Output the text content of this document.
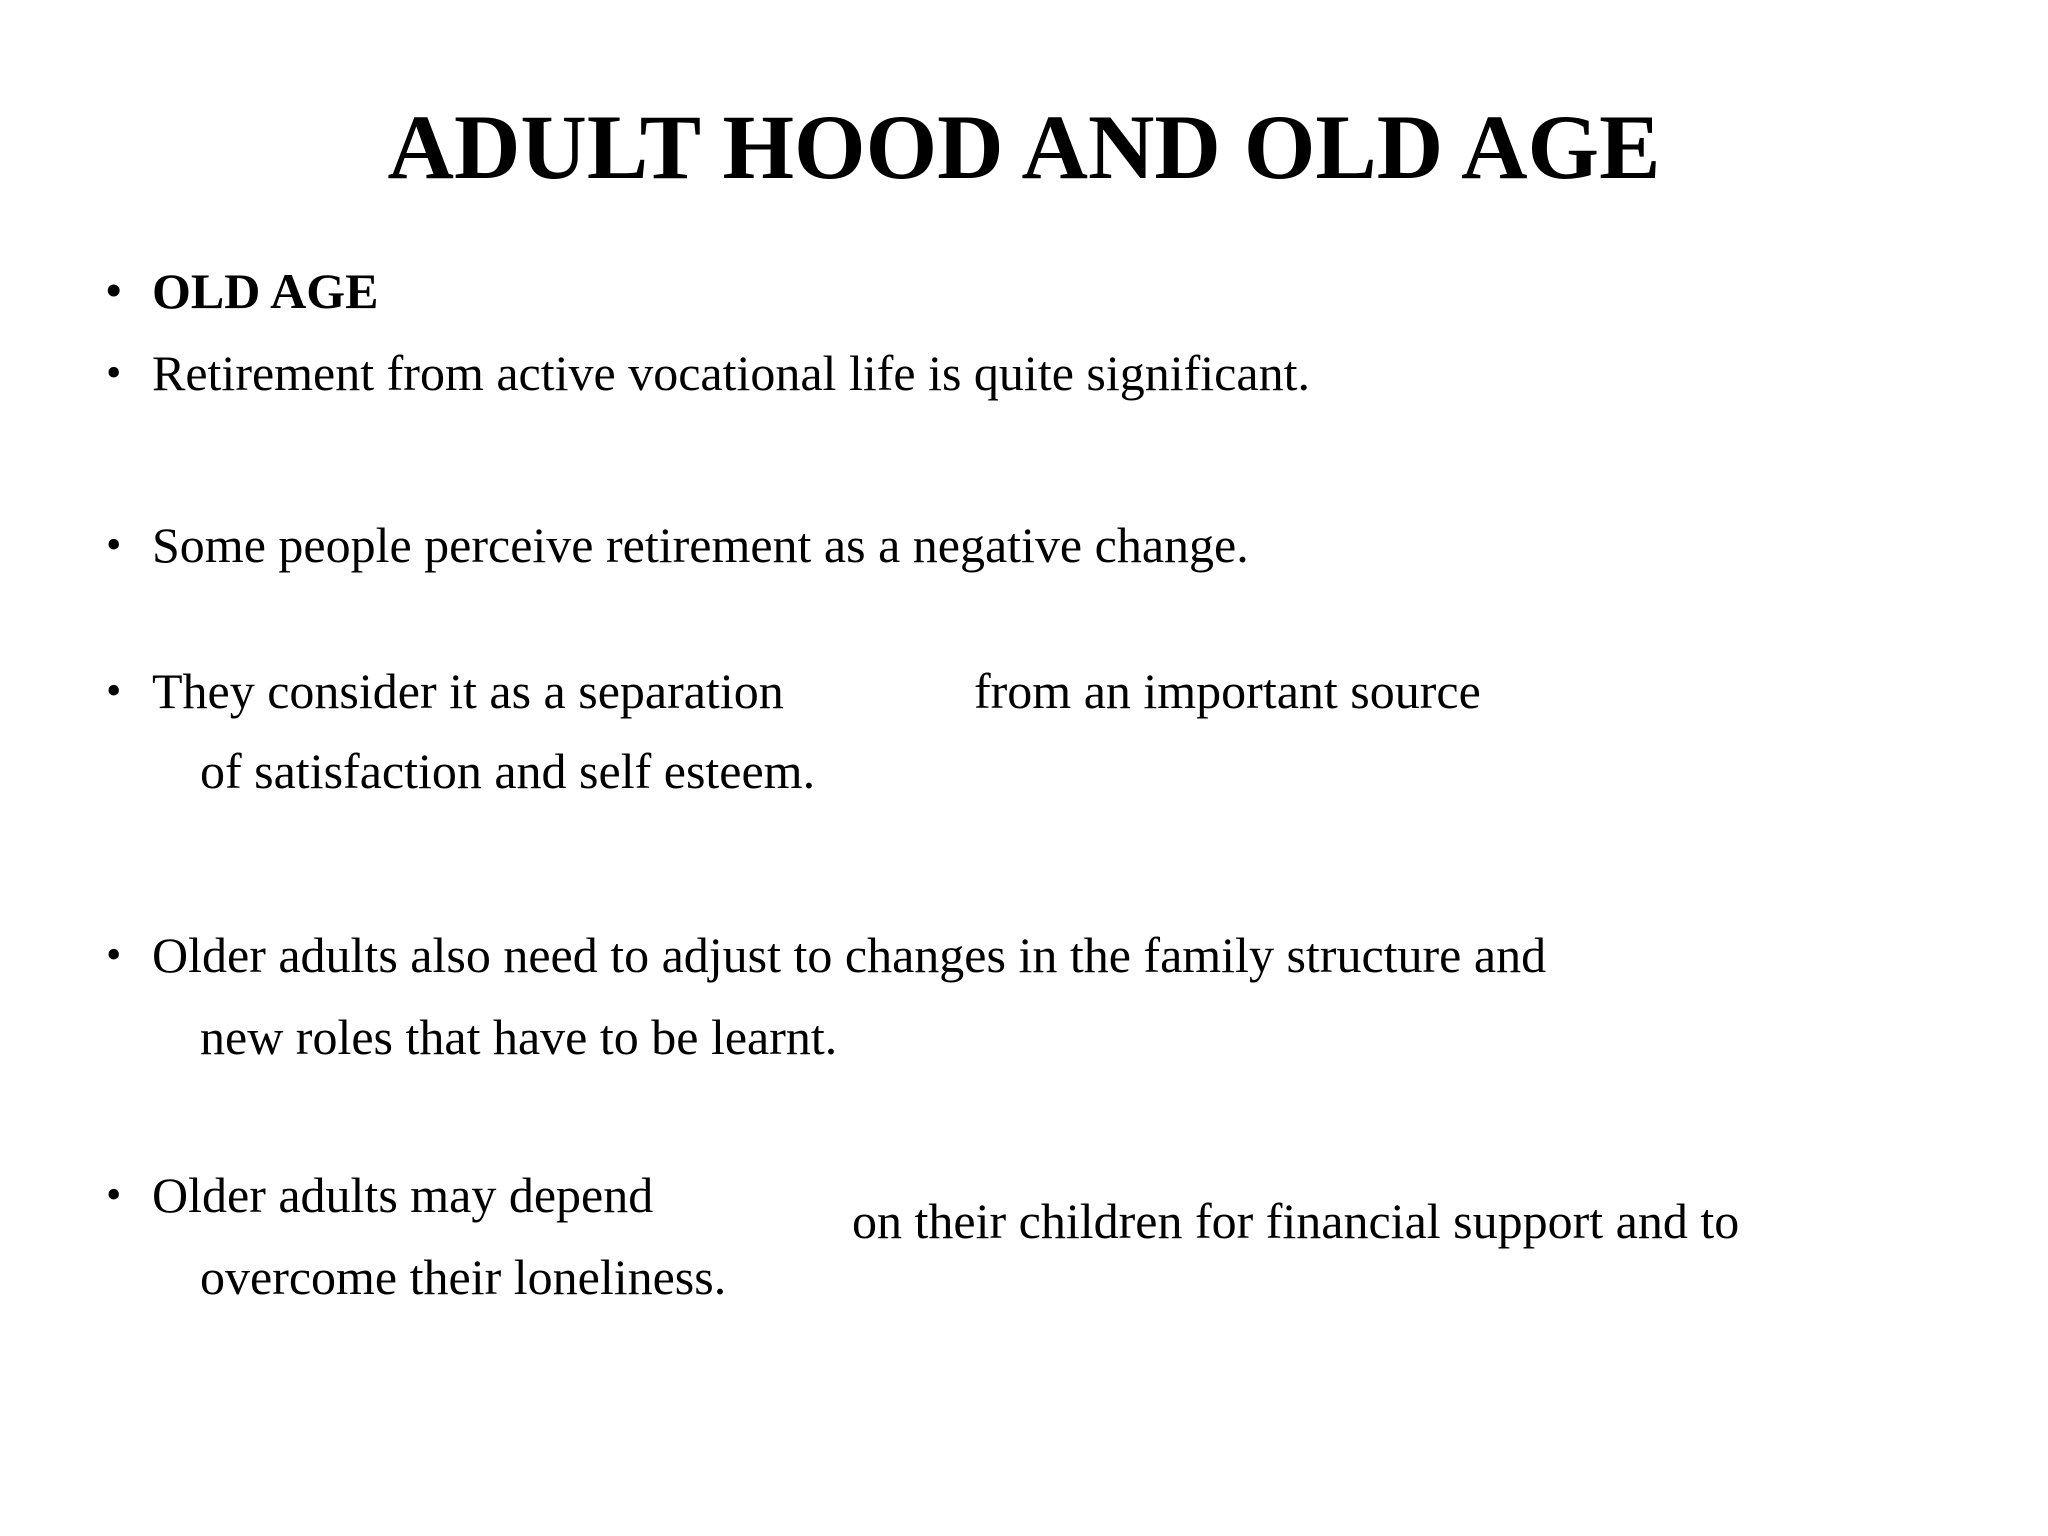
ADULT HOOD AND OLD AGE
• OLD AGE
• Retirement from active vocational life is quite significant.
• Some people perceive retirement as a negative change.
• They consider it as a separation	from an important source
of satisfaction and self esteem.
• Older adults also need to adjust to changes in the family structure and
new roles that have to be learnt.
• Older adults may depend	on their children for financial support and to
overcome their loneliness.
